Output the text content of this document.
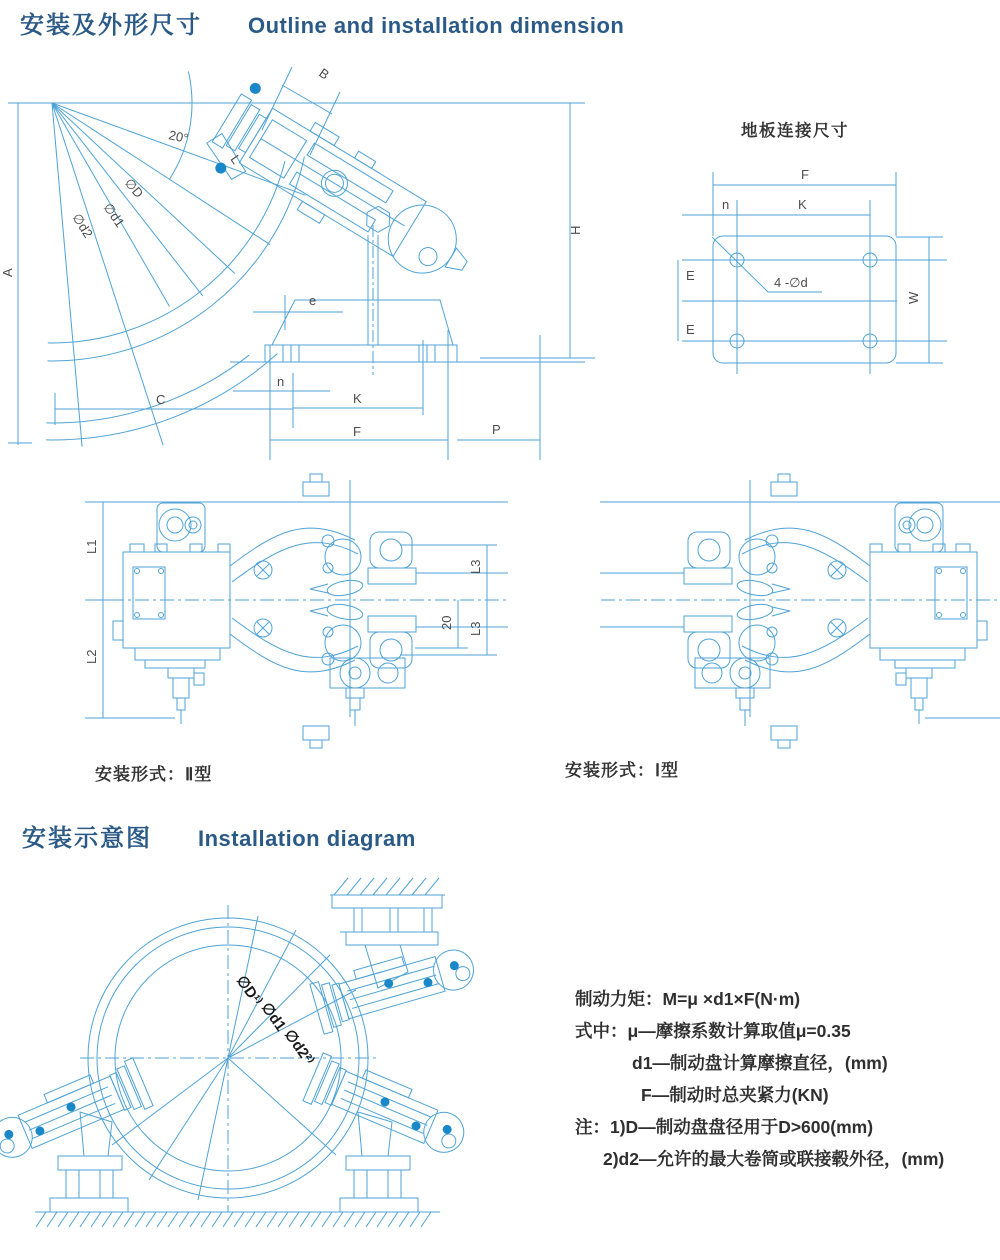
安装及外形尺寸 Outline and installation dimension
20°
B
L
∅D
∅d1
∅d2
A
H
e
n
C	K
F	P
地板连接尺寸
F
n	K
E
E
4 -∅d
W
L1
L2
L3
20 L3
安装形式：Ⅱ型	安装形式：Ⅰ型
安装示意图 Installation diagram
∅D¹⁾
∅d1
∅d2²⁾
制动力矩：M=μ ×d1×F(N·m)
式中：μ—摩擦系数计算取值μ=0.35
d1—制动盘计算摩擦直径，(mm)
F—制动时总夹紧力(KN)
注：1)D—制动盘盘径用于D>600(mm)
2)d2—允许的最大卷筒或联接毂外径，(mm)
